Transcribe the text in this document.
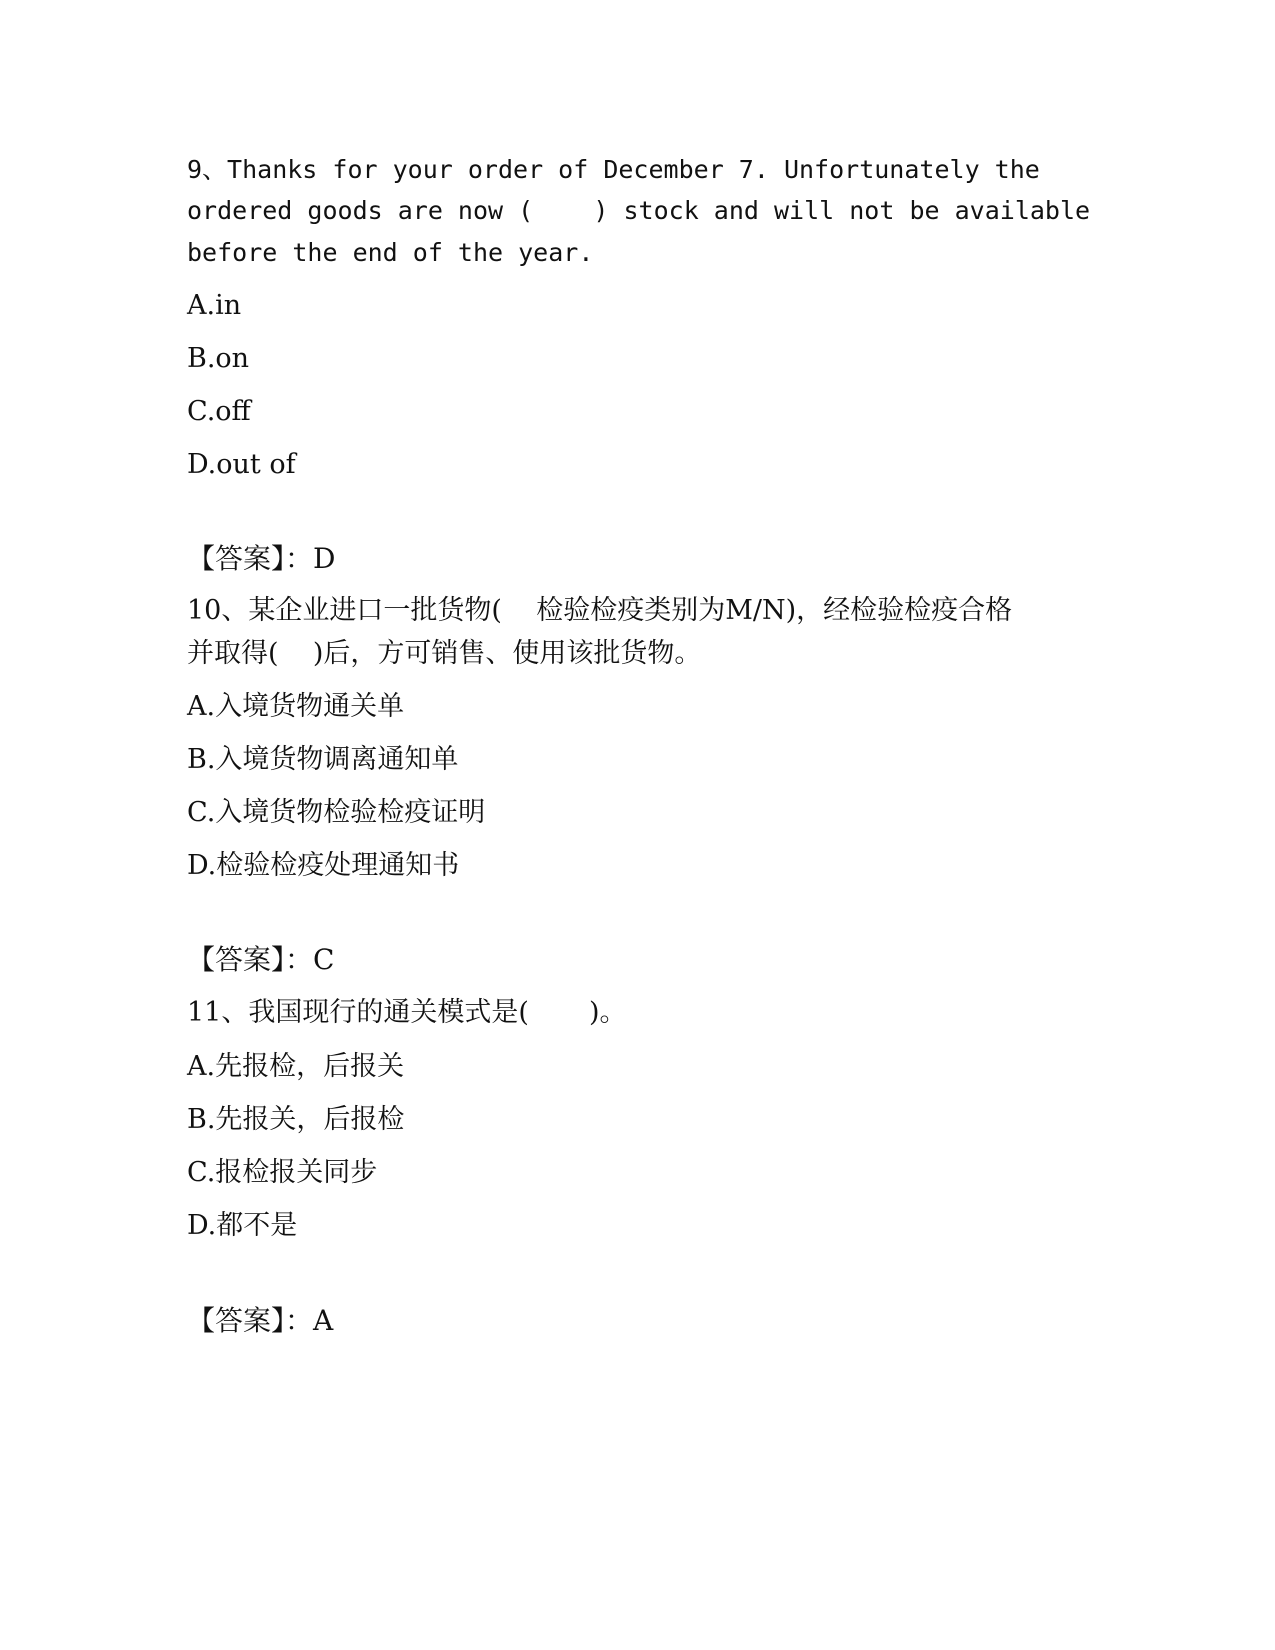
9、Thanks for your order of December 7. Unfortunately the
ordered goods are now (    ) stock and will not be available
before the end of the year.
A.in
B.on
C.off
D.out of
【答案】：D
10、某企业进口一批货物(    检验检疫类别为M/N)，经检验检疫合格
并取得(    )后，方可销售、使用该批货物。
A.入境货物通关单
B.入境货物调离通知单
C.入境货物检验检疫证明
D.检验检疫处理通知书
【答案】：C
11、我国现行的通关模式是(       )。
A.先报检，后报关
B.先报关，后报检
C.报检报关同步
D.都不是
【答案】：A
